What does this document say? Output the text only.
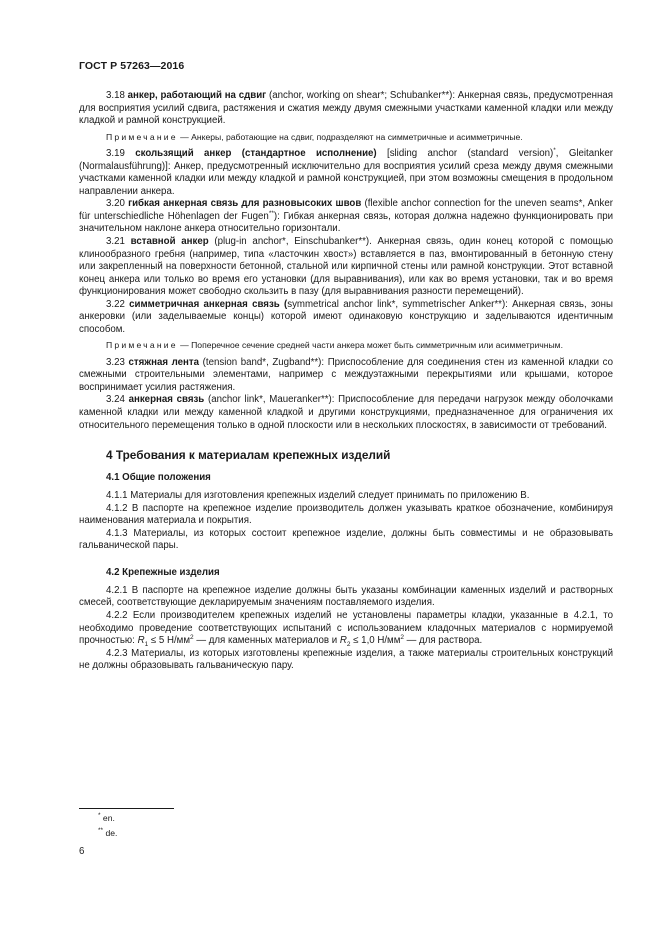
ГОСТ Р 57263—2016

3.18 анкер, работающий на сдвиг (anchor, working on shear*; Schubanker**): Анкерная связь, предусмотренная для восприятия усилий сдвига, растяжения и сжатия между двумя смежными участками каменной кладки или между кладкой и рамной конструкцией.

Примечание — Анкеры, работающие на сдвиг, подразделяют на симметричные и асимметричные.

3.19 скользящий анкер (стандартное исполнение) [sliding anchor (standard version)*, Gleitanker (Normalausführung)]: Анкер, предусмотренный исключительно для восприятия усилий среза между двумя смежными участками каменной кладки или между кладкой и рамной конструкцией, при этом возможны смещения в продольном направлении анкера.

3.20 гибкая анкерная связь для разновысоких швов (flexible anchor connection for the uneven seams*, Anker für unterschiedliche Höhenlagen der Fugen**): Гибкая анкерная связь, которая должна надежно функционировать при значительном наклоне анкера относительно горизонтали.

3.21 вставной анкер (plug-in anchor*, Einschubanker**). Анкерная связь, один конец которой с помощью клинообразного гребня (например, типа «ласточкин хвост») вставляется в паз, вмонтированный в бетонную стену или закрепленный на поверхности бетонной, стальной или кирпичной стены или рамной конструкции. Этот вставной конец анкера или только во время его установки (для выравнивания), или как во время установки, так и во время функционирования может свободно скользить в пазу (для выравнивания разности перемещений).

3.22 симметричная анкерная связь (symmetrical anchor link*, symmetrischer Anker**): Анкерная связь, зоны анкеровки (или заделываемые концы) которой имеют одинаковую конструкцию и заделываются идентичным способом.

Примечание — Поперечное сечение средней части анкера может быть симметричным или асимметричным.

3.23 стяжная лента (tension band*, Zugband**): Приспособление для соединения стен из каменной кладки со смежными строительными элементами, например с междуэтажными перекрытиями или крышами, которое воспринимает усилия растяжения.

3.24 анкерная связь (anchor link*, Maueranker**): Приспособление для передачи нагрузок между оболочками каменной кладки или между каменной кладкой и другими конструкциями, предназначенное для ограничения их относительного перемещения только в одной плоскости или в нескольких плоскостях, в зависимости от требований.

4 Требования к материалам крепежных изделий
4.1 Общие положения

4.1.1 Материалы для изготовления крепежных изделий следует принимать по приложению В.

4.1.2 В паспорте на крепежное изделие производитель должен указывать краткое обозначение, комбинируя наименования материала и покрытия.

4.1.3 Материалы, из которых состоит крепежное изделие, должны быть совместимы и не образовывать гальванической пары.

4.2 Крепежные изделия

4.2.1 В паспорте на крепежное изделие должны быть указаны комбинации каменных изделий и растворных смесей, соответствующие декларируемым значениям поставляемого изделия.

4.2.2 Если производителем крепежных изделий не установлены параметры кладки, указанные в 4.2.1, то необходимо проведение соответствующих испытаний с использованием кладочных материалов с нормируемой прочностью: $R_1 \le 5$ $Н/мм^2$ — для каменных материалов и $R_2 \le 1,0$ $Н/мм^2$ — для раствора.

4.2.3 Материалы, из которых изготовлены крепежные изделия, а также материалы строительных конструкций не должны образовывать гальваническую пару.

* en.
** de.
6
